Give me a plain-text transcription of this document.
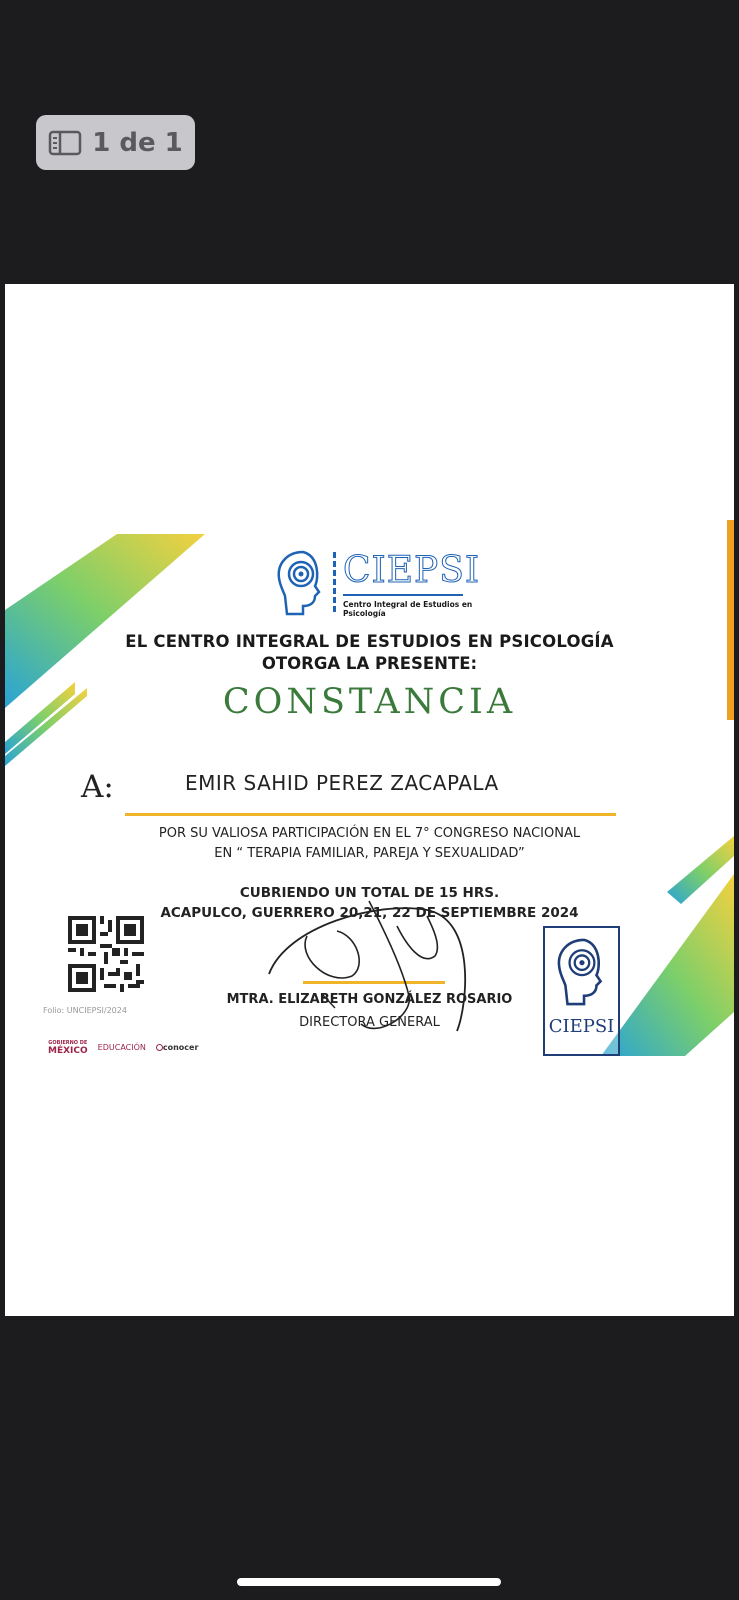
1 de 1
CIEPSI
Centro Integral de Estudios en Psicología
EL CENTRO INTEGRAL DE ESTUDIOS EN PSICOLOGÍA
OTORGA LA PRESENTE:
CONSTANCIA
A:	EMIR SAHID PEREZ ZACAPALA
POR SU VALIOSA PARTICIPACIÓN EN EL 7° CONGRESO NACIONAL
EN “ TERAPIA FAMILIAR, PAREJA Y SEXUALIDAD”
CUBRIENDO UN TOTAL DE 15 HRS.
ACAPULCO, GUERRERO 20,21, 22 DE SEPTIEMBRE 2024
Folio: UNCIEPSI/2024
GOBIERNO DE
MÉXICO EDUCACIÓN	conocer
MTRA. ELIZABETH GONZÁLEZ ROSARIO
DIRECTORA GENERAL	CIEPSI
